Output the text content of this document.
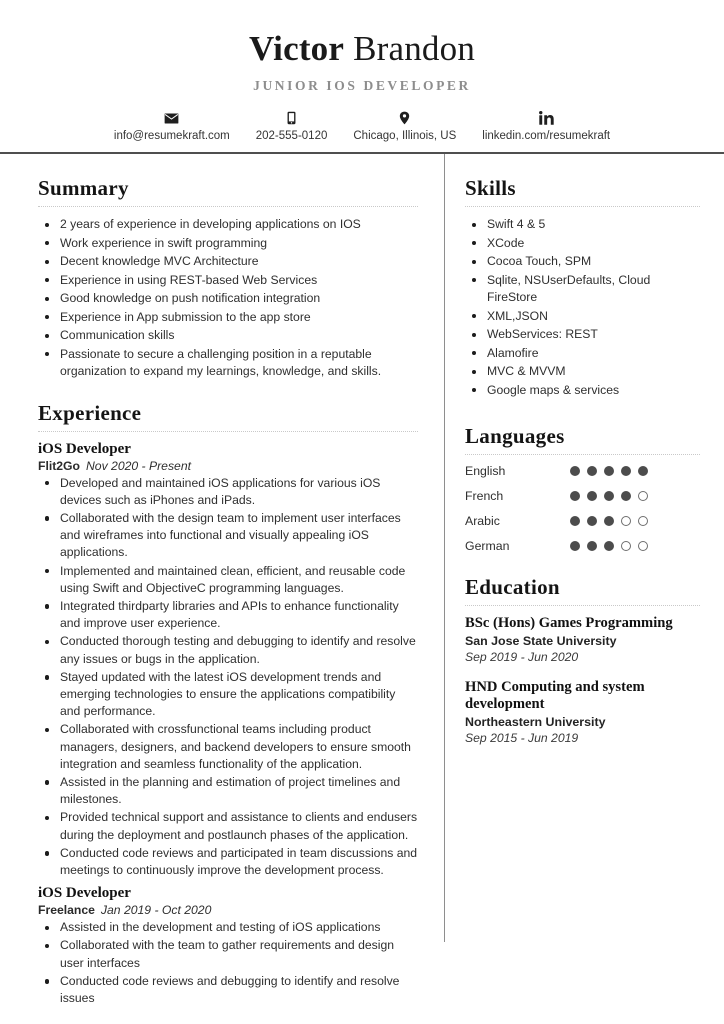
Victor Brandon
JUNIOR IOS DEVELOPER
info@resumekraft.com 202-555-0120 Chicago, Illinois, US linkedin.com/resumekraft
Summary
2 years of experience in developing applications on IOS
Work experience in swift programming
Decent knowledge MVC Architecture
Experience in using REST-based Web Services
Good knowledge on push notification integration
Experience in App submission to the app store
Communication skills
Passionate to secure a challenging position in a reputable organization to expand my learnings, knowledge, and skills.
Experience
iOS Developer
Flit2Go Nov 2020 - Present
Developed and maintained iOS applications for various iOS devices such as iPhones and iPads.
Collaborated with the design team to implement user interfaces and wireframes into functional and visually appealing iOS applications.
Implemented and maintained clean, efficient, and reusable code using Swift and ObjectiveC programming languages.
Integrated thirdparty libraries and APIs to enhance functionality and improve user experience.
Conducted thorough testing and debugging to identify and resolve any issues or bugs in the application.
Stayed updated with the latest iOS development trends and emerging technologies to ensure the applications compatibility and performance.
Collaborated with crossfunctional teams including product managers, designers, and backend developers to ensure smooth integration and seamless functionality of the application.
Assisted in the planning and estimation of project timelines and milestones.
Provided technical support and assistance to clients and endusers during the deployment and postlaunch phases of the application.
Conducted code reviews and participated in team discussions and meetings to continuously improve the development process.
iOS Developer
Freelance Jan 2019 - Oct 2020
Assisted in the development and testing of iOS applications
Collaborated with the team to gather requirements and design user interfaces
Conducted code reviews and debugging to identify and resolve issues
Skills
Swift 4 & 5
XCode
Cocoa Touch, SPM
Sqlite, NSUserDefaults, Cloud FireStore
XML,JSON
WebServices: REST
Alamofire
MVC & MVVM
Google maps & services
Languages
English
French
Arabic
German
Education
BSc (Hons) Games Programming
San Jose State University
Sep 2019 - Jun 2020
HND Computing and system development
Northeastern University
Sep 2015 - Jun 2019
